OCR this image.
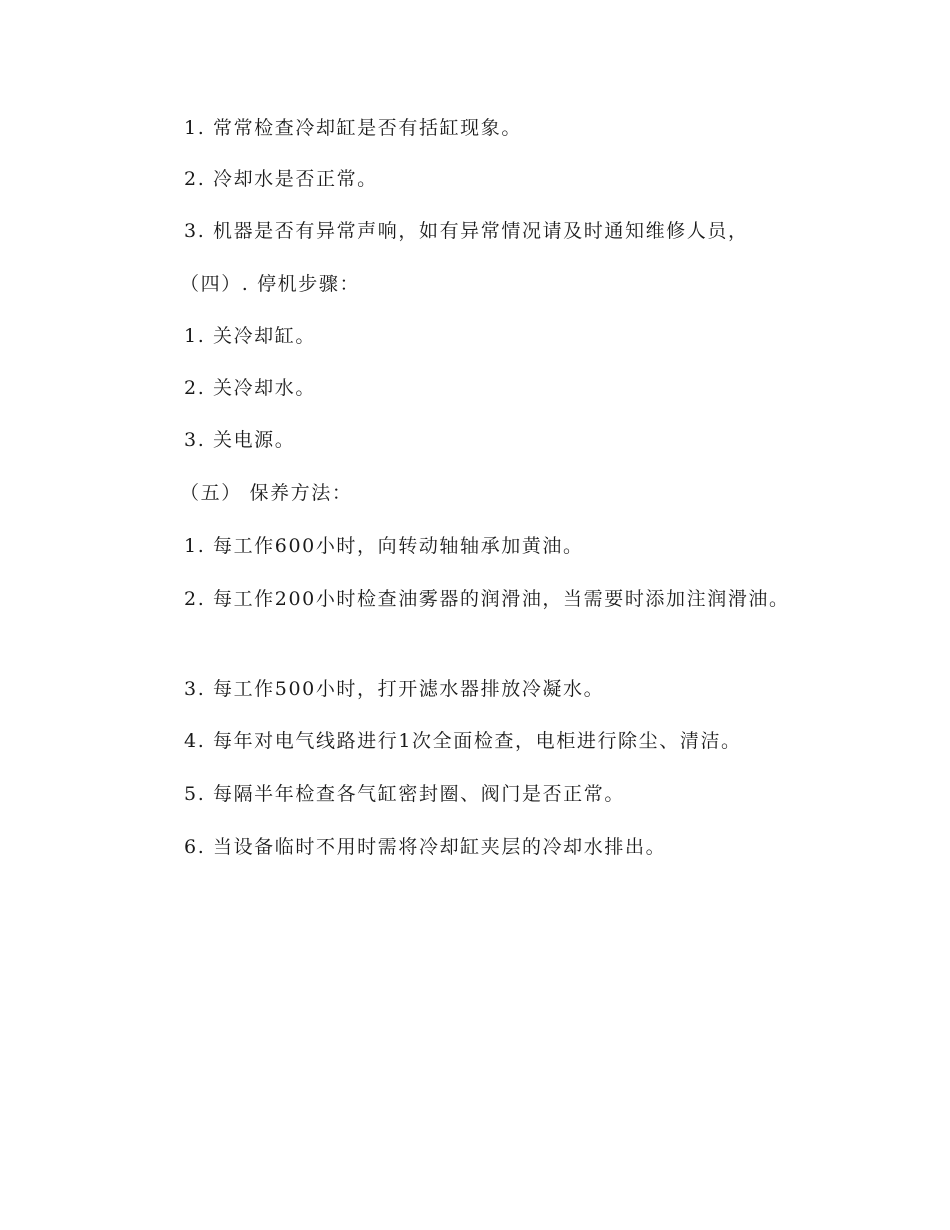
1. 常常检查冷却缸是否有括缸现象。

2. 冷却水是否正常。

3. 机器是否有异常声响，如有异常情况请及时通知维修人员，

（四）. 停机步骤：

1. 关冷却缸。

2. 关冷却水。

3. 关电源。

（五） 保养方法：

1. 每工作600小时，向转动轴轴承加黄油。

2. 每工作200小时检查油雾器的润滑油，当需要时添加注润滑油。

3. 每工作500小时，打开滤水器排放冷凝水。

4. 每年对电气线路进行1次全面检查，电柜进行除尘、清洁。

5. 每隔半年检查各气缸密封圈、阀门是否正常。

6. 当设备临时不用时需将冷却缸夹层的冷却水排出。
